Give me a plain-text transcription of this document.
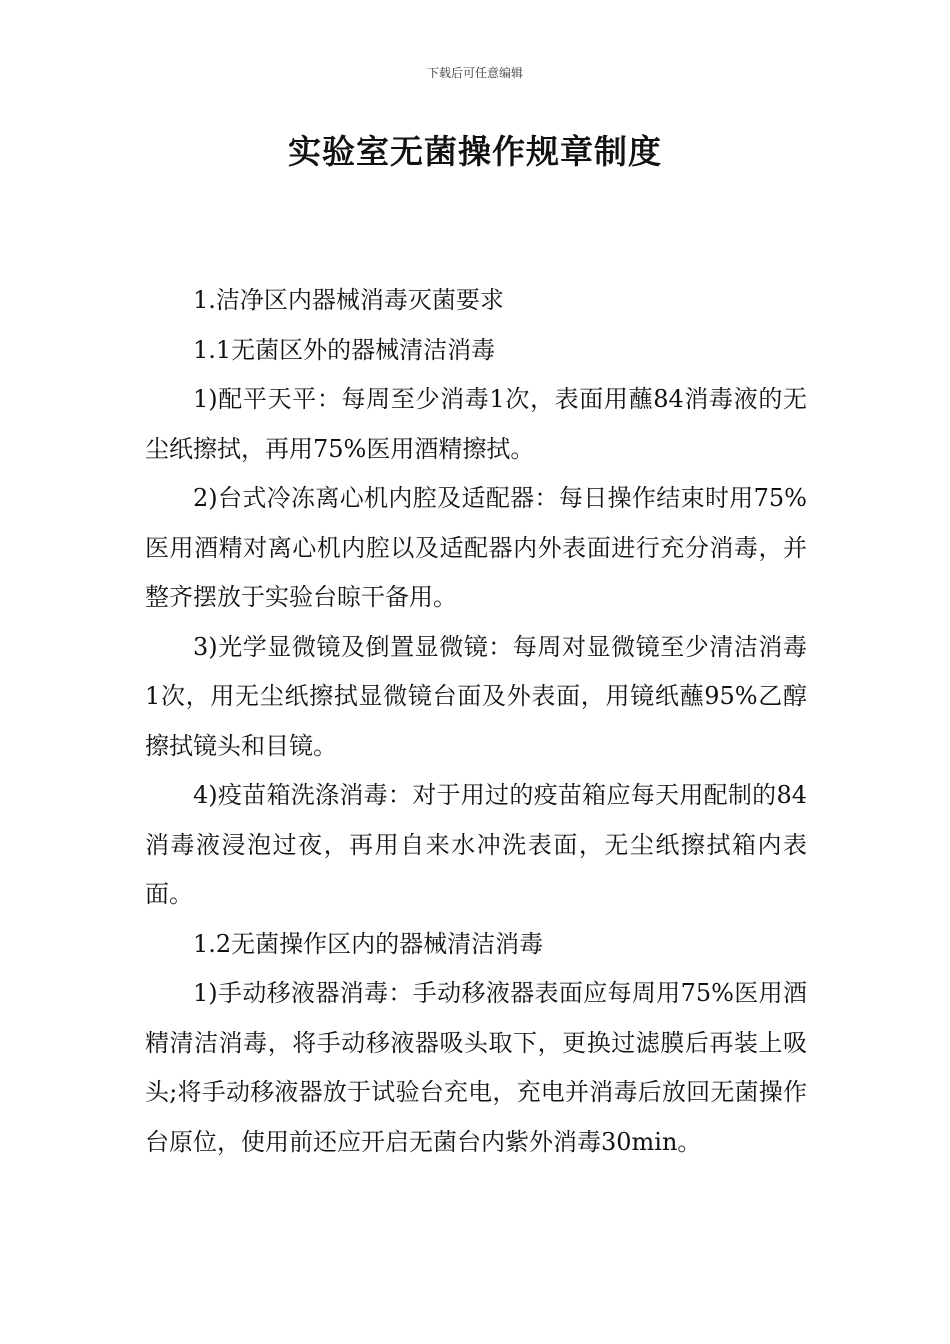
下载后可任意编辑
实验室无菌操作规章制度

1.洁净区内器械消毒灭菌要求

1.1无菌区外的器械清洁消毒

1)配平天平：每周至少消毒1次，表面用蘸84消毒液的无尘纸擦拭，再用75%医用酒精擦拭。

2)台式冷冻离心机内腔及适配器：每日操作结束时用75%医用酒精对离心机内腔以及适配器内外表面进行充分消毒，并整齐摆放于实验台晾干备用。

3)光学显微镜及倒置显微镜：每周对显微镜至少清洁消毒1次，用无尘纸擦拭显微镜台面及外表面，用镜纸蘸95%乙醇擦拭镜头和目镜。

4)疫苗箱洗涤消毒：对于用过的疫苗箱应每天用配制的84消毒液浸泡过夜，再用自来水冲洗表面，无尘纸擦拭箱内表面。

1.2无菌操作区内的器械清洁消毒

1)手动移液器消毒：手动移液器表面应每周用75%医用酒精清洁消毒，将手动移液器吸头取下，更换过滤膜后再装上吸头;将手动移液器放于试验台充电，充电并消毒后放回无菌操作台原位，使用前还应开启无菌台内紫外消毒30min。
